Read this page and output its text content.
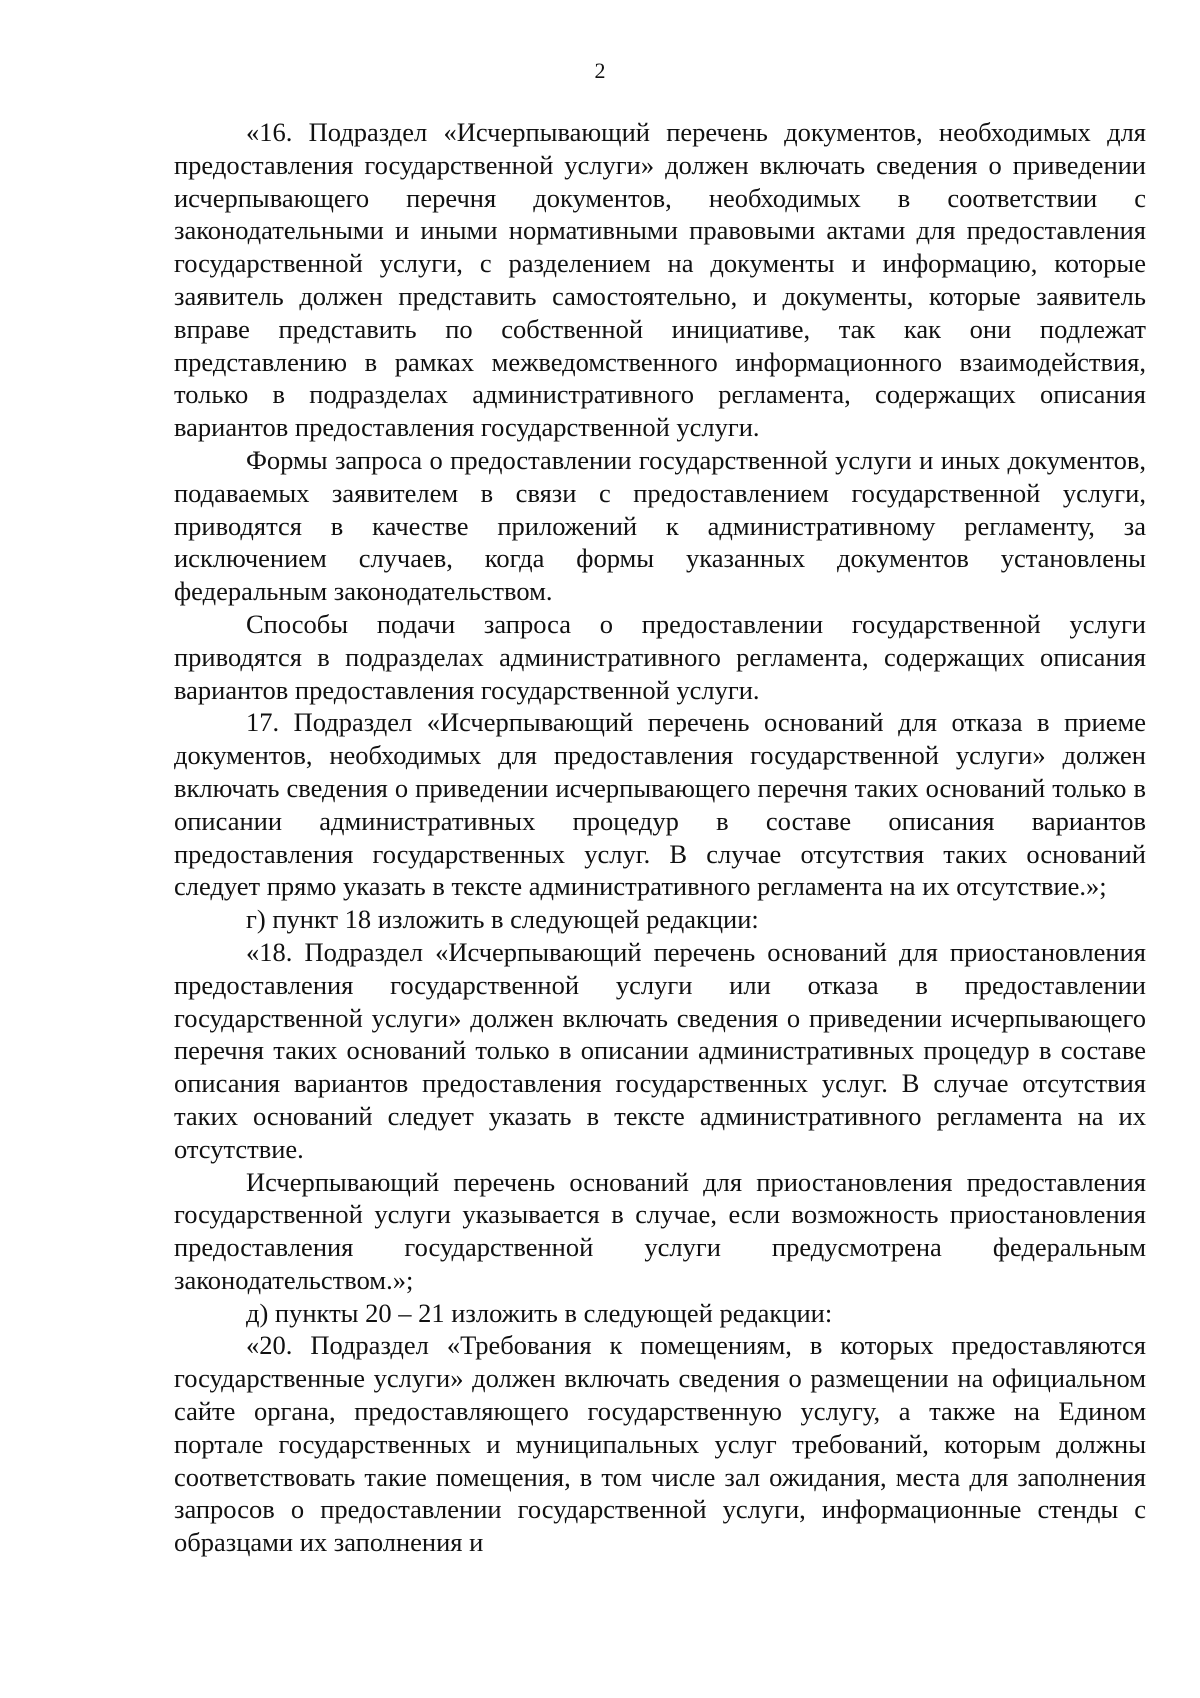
2

«16. Подраздел «Исчерпывающий перечень документов, необходимых для предоставления государственной услуги» должен включать сведения о приведении исчерпывающего перечня документов, необходимых в соответствии с законодательными и иными нормативными правовыми актами для предоставления государственной услуги, с разделением на документы и информацию, которые заявитель должен представить самостоятельно, и документы, которые заявитель вправе представить по собственной инициативе, так как они подлежат представлению в рамках межведомственного информационного взаимодействия, только в подразделах административного регламента, содержащих описания вариантов предоставления государственной услуги.

Формы запроса о предоставлении государственной услуги и иных документов, подаваемых заявителем в связи с предоставлением государственной услуги, приводятся в качестве приложений к административному регламенту, за исключением случаев, когда формы указанных документов установлены федеральным законодательством.

Способы подачи запроса о предоставлении государственной услуги приводятся в подразделах административного регламента, содержащих описания вариантов предоставления государственной услуги.

17. Подраздел «Исчерпывающий перечень оснований для отказа в приеме документов, необходимых для предоставления государственной услуги» должен включать сведения о приведении исчерпывающего перечня таких оснований только в описании административных процедур в составе описания вариантов предоставления государственных услуг. В случае отсутствия таких оснований следует прямо указать в тексте административного регламента на их отсутствие.»;

г) пункт 18 изложить в следующей редакции:

«18. Подраздел «Исчерпывающий перечень оснований для приостановления предоставления государственной услуги или отказа в предоставлении государственной услуги» должен включать сведения о приведении исчерпывающего перечня таких оснований только в описании административных процедур в составе описания вариантов предоставления государственных услуг. В случае отсутствия таких оснований следует указать в тексте административного регламента на их отсутствие.

Исчерпывающий перечень оснований для приостановления предоставления государственной услуги указывается в случае, если возможность приостановления предоставления государственной услуги предусмотрена федеральным законодательством.»;

д) пункты 20 – 21 изложить в следующей редакции:

«20. Подраздел «Требования к помещениям, в которых предоставляются государственные услуги» должен включать сведения о размещении на официальном сайте органа, предоставляющего государственную услугу, а также на Едином портале государственных и муниципальных услуг требований, которым должны соответствовать такие помещения, в том числе зал ожидания, места для заполнения запросов о предоставлении государственной услуги, информационные стенды с образцами их заполнения и
